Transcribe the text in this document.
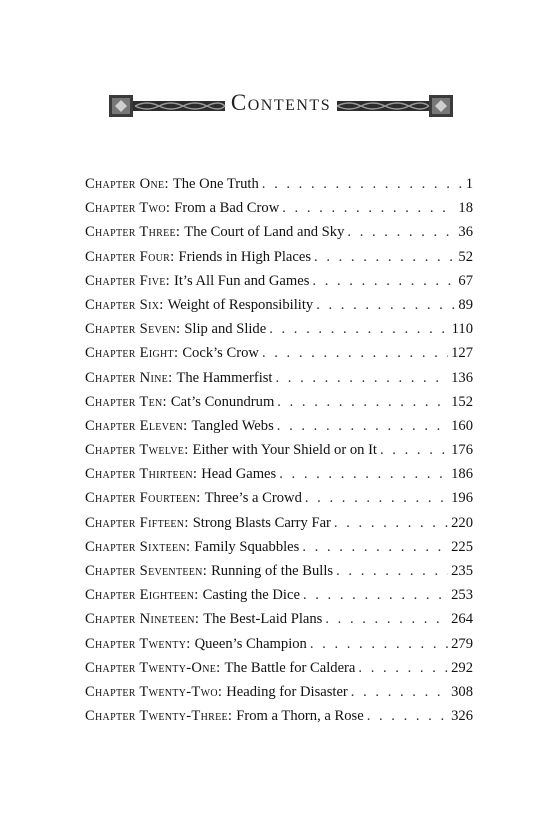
Contents
Chapter One: The One Truth . . .	1
Chapter Two: From a Bad Crow . . .	18
Chapter Three: The Court of Land and Sky . . .	36
Chapter Four: Friends in High Places . . .	52
Chapter Five: It’s All Fun and Games . . .	67
Chapter Six: Weight of Responsibility . . .	89
Chapter Seven: Slip and Slide . . .	110
Chapter Eight: Cock’s Crow . . .	127
Chapter Nine: The Hammerfist . . .	136
Chapter Ten: Cat’s Conundrum . . .	152
Chapter Eleven: Tangled Webs . . .	160
Chapter Twelve: Either with Your Shield or on It . . .	176
Chapter Thirteen: Head Games . . .	186
Chapter Fourteen: Three’s a Crowd . . .	196
Chapter Fifteen: Strong Blasts Carry Far . . .	220
Chapter Sixteen: Family Squabbles . . .	225
Chapter Seventeen: Running of the Bulls . . .	235
Chapter Eighteen: Casting the Dice . . .	253
Chapter Nineteen: The Best-Laid Plans . . .	264
Chapter Twenty: Queen’s Champion . . .	279
Chapter Twenty-One: The Battle for Caldera . . .	292
Chapter Twenty-Two: Heading for Disaster . . .	308
Chapter Twenty-Three: From a Thorn, a Rose . . .	326
